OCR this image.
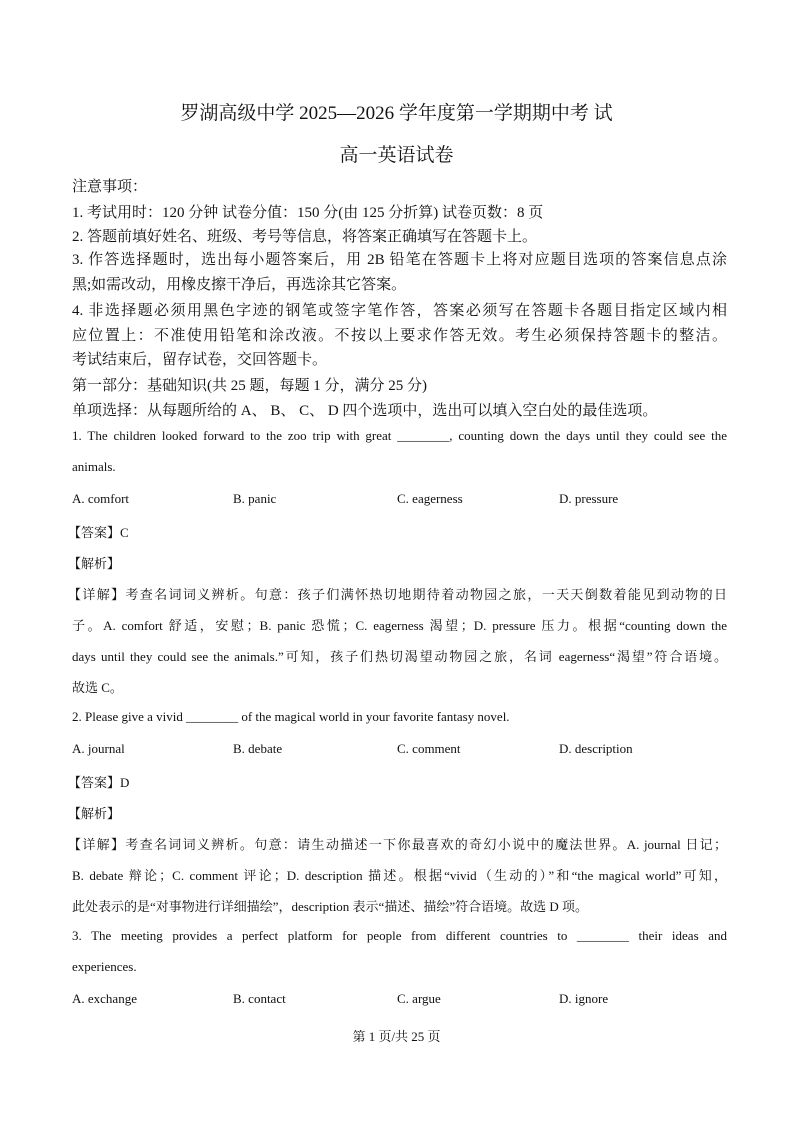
罗湖高级中学 2025—2026 学年度第一学期期中考 试
高一英语试卷
注意事项：
1. 考试用时：120 分钟 试卷分值：150 分(由 125 分折算) 试卷页数：8 页
2. 答题前填好姓名、班级、考号等信息，将答案正确填写在答题卡上。
3. 作答选择题时，选出每小题答案后，用 2B 铅笔在答题卡上将对应题目选项的答案信息点涂
黑;如需改动，用橡皮擦干净后，再选涂其它答案。
4. 非选择题必须用黑色字迹的钢笔或签字笔作答，答案必须写在答题卡各题目指定区域内相
应位置上：不准使用铅笔和涂改液。不按以上要求作答无效。考生必须保持答题卡的整洁。
考试结束后，留存试卷，交回答题卡。
第一部分：基础知识(共 25 题，每题 1 分，满分 25 分)
单项选择：从每题所给的 A、 B、 C、 D 四个选项中，选出可以填入空白处的最佳选项。
1. The children looked forward to the zoo trip with great ________, counting down the days until they could see the
animals.
A. comfort	B. panic	C. eagerness	D. pressure
【答案】C
【解析】
【详解】考查名词词义辨析。句意：孩子们满怀热切地期待着动物园之旅，一天天倒数着能见到动物的日
子。A. comfort 舒适，安慰；B. panic 恐慌；C. eagerness 渴望；D. pressure 压力。根据“counting down the
days until they could see the animals.”可知，孩子们热切渴望动物园之旅，名词 eagerness“渴望”符合语境。
故选 C。
2. Please give a vivid ________ of the magical world in your favorite fantasy novel.
A. journal	B. debate	C. comment	D. description
【答案】D
【解析】
【详解】考查名词词义辨析。句意：请生动描述一下你最喜欢的奇幻小说中的魔法世界。A. journal 日记；
B. debate 辩论；C. comment 评论；D. description 描述。根据“vivid（生动的）”和“the magical world”可知，
此处表示的是“对事物进行详细描绘”，description 表示“描述、描绘”符合语境。故选 D 项。
3. The meeting provides a perfect platform for people from different countries to ________ their ideas and
experiences.
A. exchange	B. contact	C. argue	D. ignore
第 1 页/共 25 页
